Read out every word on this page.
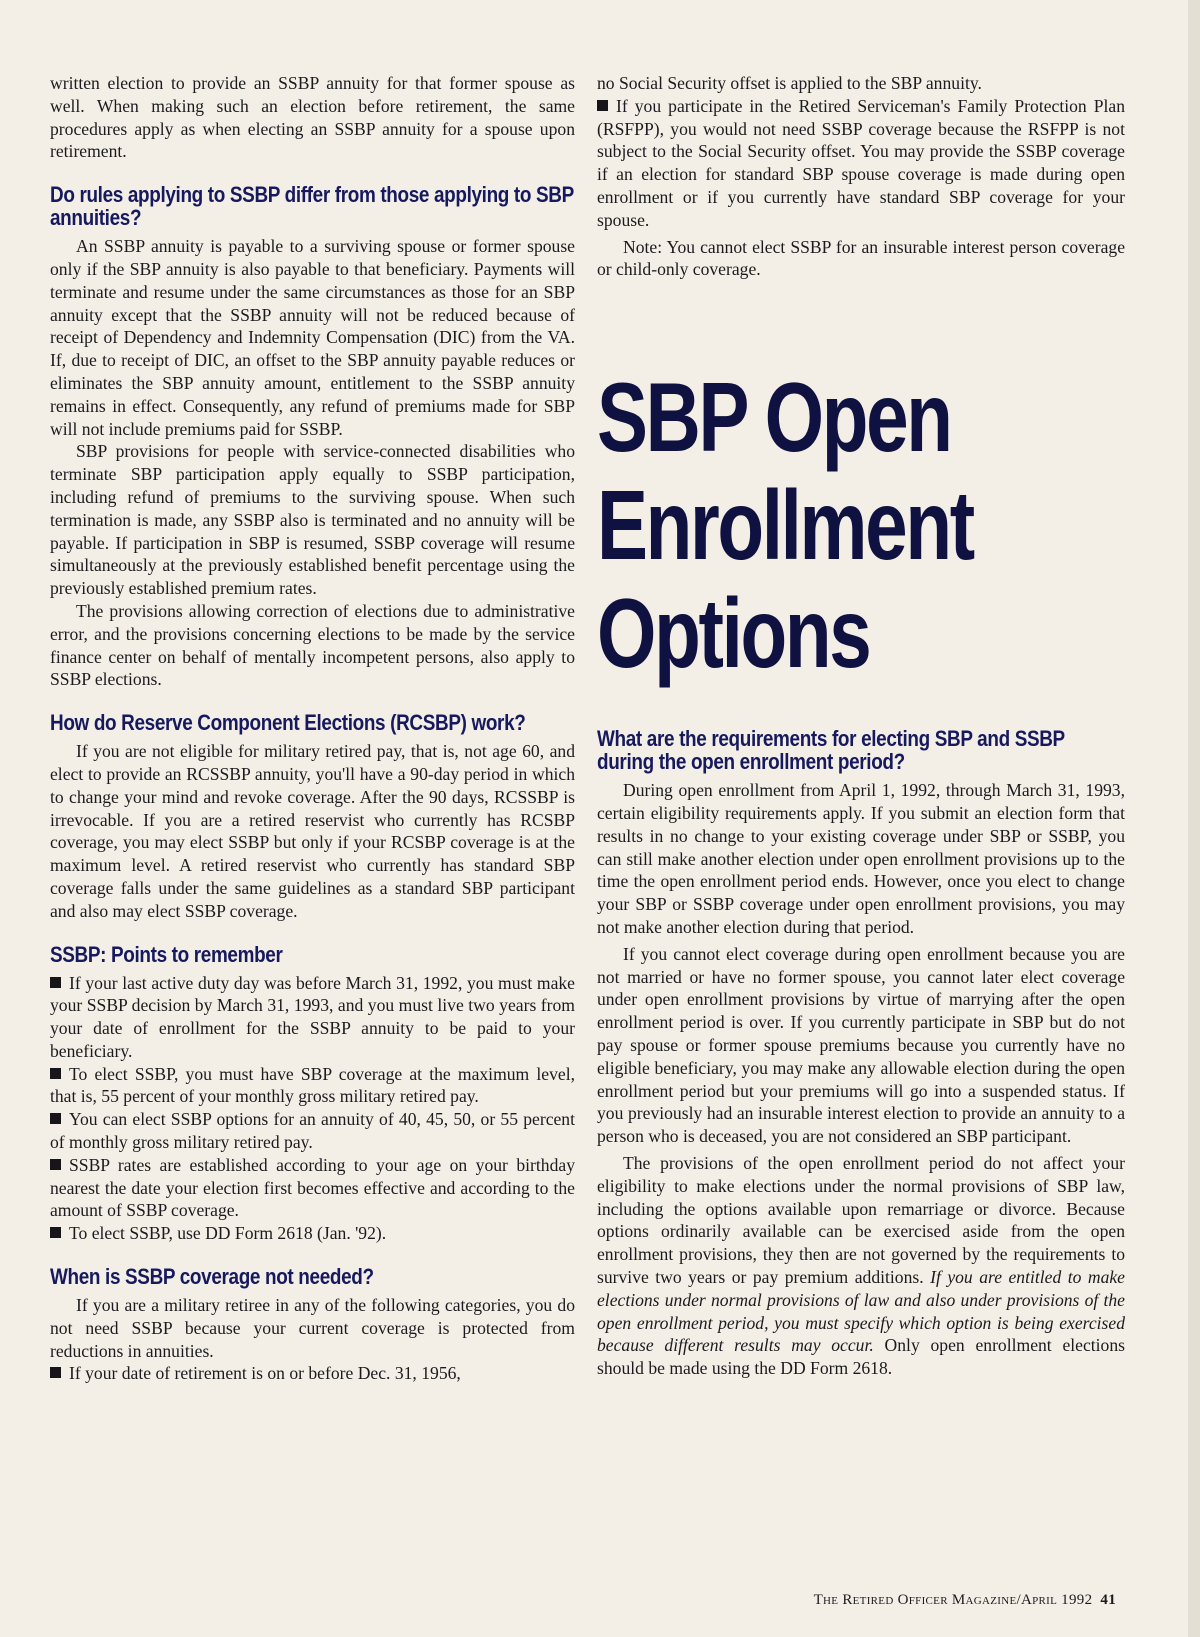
written election to provide an SSBP annuity for that former spouse as well. When making such an election before retirement, the same procedures apply as when electing an SSBP annuity for a spouse upon retirement.

Do rules applying to SSBP differ from those applying to SBP annuities?

An SSBP annuity is payable to a surviving spouse or former spouse only if the SBP annuity is also payable to that beneficiary. Payments will terminate and resume under the same circumstances as those for an SBP annuity except that the SSBP annuity will not be reduced because of receipt of Dependency and Indemnity Compensation (DIC) from the VA. If, due to receipt of DIC, an offset to the SBP annuity payable reduces or eliminates the SBP annuity amount, entitlement to the SSBP annuity remains in effect. Consequently, any refund of premiums made for SBP will not include premiums paid for SSBP.

SBP provisions for people with service-connected disabilities who terminate SBP participation apply equally to SSBP participation, including refund of premiums to the surviving spouse. When such termination is made, any SSBP also is terminated and no annuity will be payable. If participation in SBP is resumed, SSBP coverage will resume simultaneously at the previously established benefit percentage using the previously established premium rates.

The provisions allowing correction of elections due to administrative error, and the provisions concerning elections to be made by the service finance center on behalf of mentally incompetent persons, also apply to SSBP elections.

How do Reserve Component Elections (RCSBP) work?

If you are not eligible for military retired pay, that is, not age 60, and elect to provide an RCSSBP annuity, you'll have a 90-day period in which to change your mind and revoke coverage. After the 90 days, RCSSBP is irrevocable. If you are a retired reservist who currently has RCSBP coverage, you may elect SSBP but only if your RCSBP coverage is at the maximum level. A retired reservist who currently has standard SBP coverage falls under the same guidelines as a standard SBP participant and also may elect SSBP coverage.

SSBP: Points to remember

If your last active duty day was before March 31, 1992, you must make your SSBP decision by March 31, 1993, and you must live two years from your date of enrollment for the SSBP annuity to be paid to your beneficiary.

To elect SSBP, you must have SBP coverage at the maximum level, that is, 55 percent of your monthly gross military retired pay.

You can elect SSBP options for an annuity of 40, 45, 50, or 55 percent of monthly gross military retired pay.

SSBP rates are established according to your age on your birthday nearest the date your election first becomes effective and according to the amount of SSBP coverage.

To elect SSBP, use DD Form 2618 (Jan. '92).

When is SSBP coverage not needed?

If you are a military retiree in any of the following categories, you do not need SSBP because your current coverage is protected from reductions in annuities.

If your date of retirement is on or before Dec. 31, 1956,

no Social Security offset is applied to the SBP annuity.

If you participate in the Retired Serviceman's Family Protection Plan (RSFPP), you would not need SSBP coverage because the RSFPP is not subject to the Social Security offset. You may provide the SSBP coverage if an election for standard SBP spouse coverage is made during open enrollment or if you currently have standard SBP coverage for your spouse.

Note: You cannot elect SSBP for an insurable interest person coverage or child-only coverage.

SBP Open
Enrollment
Options
What are the requirements for electing SBP and SSBP during the open enrollment period?

During open enrollment from April 1, 1992, through March 31, 1993, certain eligibility requirements apply. If you submit an election form that results in no change to your existing coverage under SBP or SSBP, you can still make another election under open enrollment provisions up to the time the open enrollment period ends. However, once you elect to change your SBP or SSBP coverage under open enrollment provisions, you may not make another election during that period.

If you cannot elect coverage during open enrollment because you are not married or have no former spouse, you cannot later elect coverage under open enrollment provisions by virtue of marrying after the open enrollment period is over. If you currently participate in SBP but do not pay spouse or former spouse premiums because you currently have no eligible beneficiary, you may make any allowable election during the open enrollment period but your premiums will go into a suspended status. If you previously had an insurable interest election to provide an annuity to a person who is deceased, you are not considered an SBP participant.

The provisions of the open enrollment period do not affect your eligibility to make elections under the normal provisions of SBP law, including the options available upon remarriage or divorce. Because options ordinarily available can be exercised aside from the open enrollment provisions, they then are not governed by the requirements to survive two years or pay premium additions. If you are entitled to make elections under normal provisions of law and also under provisions of the open enrollment period, you must specify which option is being exercised because different results may occur. Only open enrollment elections should be made using the DD Form 2618.

The Retired Officer Magazine/April 1992 41
